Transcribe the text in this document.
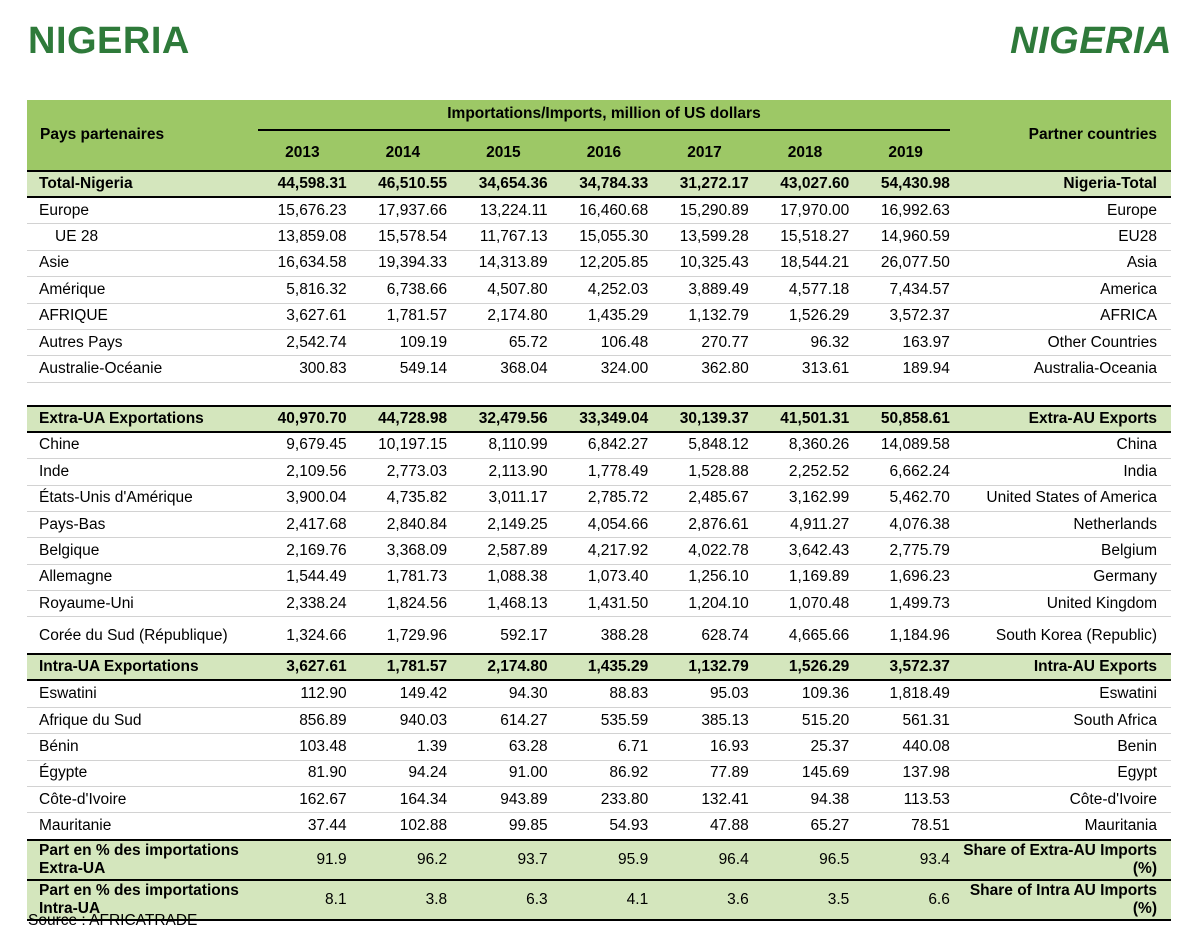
NIGERIA	NIGERIA
Pays partenaires	Importations/Imports, million of US dollars							Partner countries
	2013	2014	2015	2016	2017	2018	2019	
Total-Nigeria	44,598.31	46,510.55	34,654.36	34,784.33	31,272.17	43,027.60	54,430.98	Nigeria-Total
Europe	15,676.23	17,937.66	13,224.11	16,460.68	15,290.89	17,970.00	16,992.63	Europe
UE 28	13,859.08	15,578.54	11,767.13	15,055.30	13,599.28	15,518.27	14,960.59	EU28
Asie	16,634.58	19,394.33	14,313.89	12,205.85	10,325.43	18,544.21	26,077.50	Asia
Amérique	5,816.32	6,738.66	4,507.80	4,252.03	3,889.49	4,577.18	7,434.57	America
AFRIQUE	3,627.61	1,781.57	2,174.80	1,435.29	1,132.79	1,526.29	3,572.37	AFRICA
Autres Pays	2,542.74	109.19	65.72	106.48	270.77	96.32	163.97	Other Countries
Australie-Océanie	300.83	549.14	368.04	324.00	362.80	313.61	189.94	Australia-Oceania

Extra-UA Exportations	40,970.70	44,728.98	32,479.56	33,349.04	30,139.37	41,501.31	50,858.61	Extra-AU Exports
Chine	9,679.45	10,197.15	8,110.99	6,842.27	5,848.12	8,360.26	14,089.58	China
Inde	2,109.56	2,773.03	2,113.90	1,778.49	1,528.88	2,252.52	6,662.24	India
États-Unis d'Amérique	3,900.04	4,735.82	3,011.17	2,785.72	2,485.67	3,162.99	5,462.70	United States of America
Pays-Bas	2,417.68	2,840.84	2,149.25	4,054.66	2,876.61	4,911.27	4,076.38	Netherlands
Belgique	2,169.76	3,368.09	2,587.89	4,217.92	4,022.78	3,642.43	2,775.79	Belgium
Allemagne	1,544.49	1,781.73	1,088.38	1,073.40	1,256.10	1,169.89	1,696.23	Germany
Royaume-Uni	2,338.24	1,824.56	1,468.13	1,431.50	1,204.10	1,070.48	1,499.73	United Kingdom
Corée du Sud (République)	1,324.66	1,729.96	592.17	388.28	628.74	4,665.66	1,184.96	South Korea (Republic)
Intra-UA Exportations	3,627.61	1,781.57	2,174.80	1,435.29	1,132.79	1,526.29	3,572.37	Intra-AU Exports
Eswatini	112.90	149.42	94.30	88.83	95.03	109.36	1,818.49	Eswatini
Afrique du Sud	856.89	940.03	614.27	535.59	385.13	515.20	561.31	South Africa
Bénin	103.48	1.39	63.28	6.71	16.93	25.37	440.08	Benin
Égypte	81.90	94.24	91.00	86.92	77.89	145.69	137.98	Egypt
Côte-d'Ivoire	162.67	164.34	943.89	233.80	132.41	94.38	113.53	Côte-d'Ivoire
Mauritanie	37.44	102.88	99.85	54.93	47.88	65.27	78.51	Mauritania
Part en % des importations Extra-UA	91.9	96.2	93.7	95.9	96.4	96.5	93.4	Share of Extra-AU Imports (%)
Part en % des importations Intra-UA	8.1	3.8	6.3	4.1	3.6	3.5	6.6	Share of Intra AU Imports (%)
Source : AFRICATRADE
